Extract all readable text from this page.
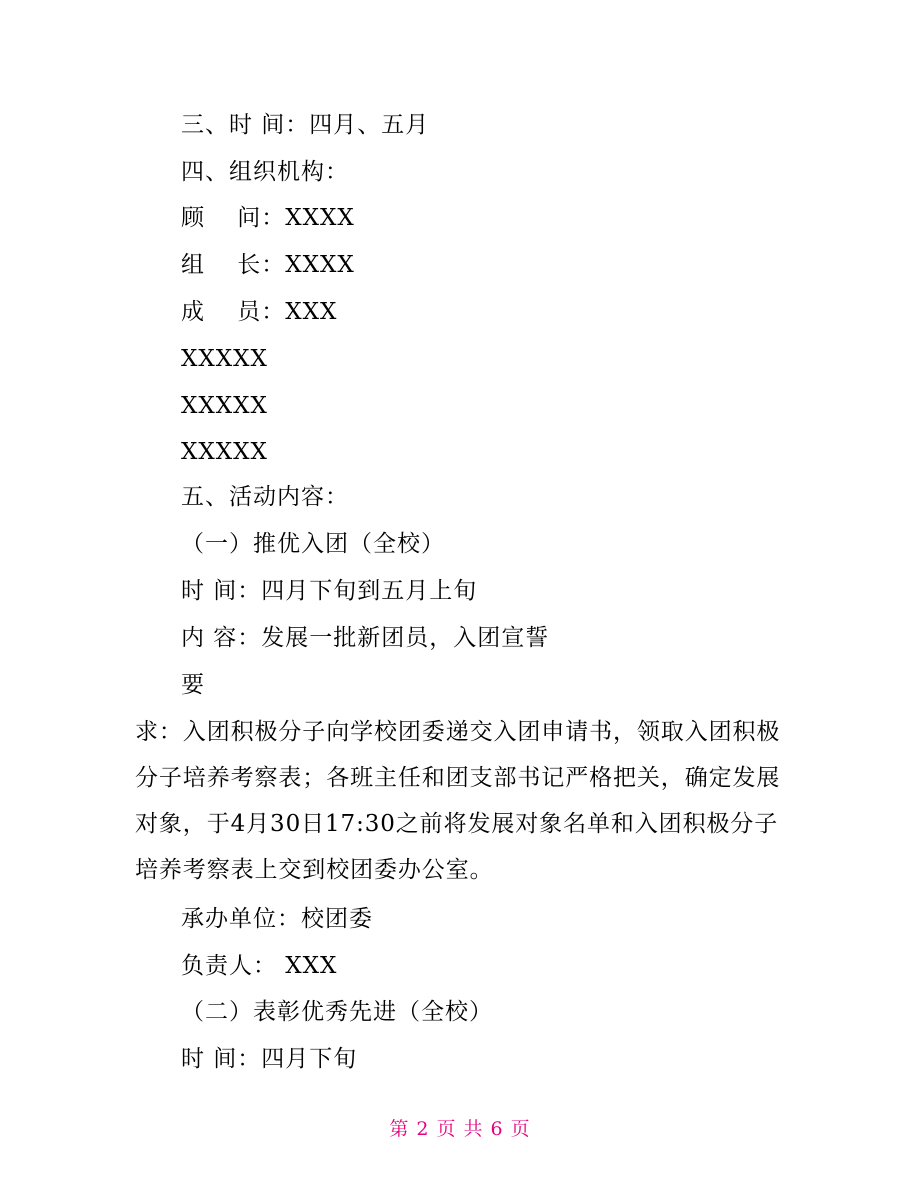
三、时 间：四月、五月
四、组织机构：
顾　 问：XXXX
组　 长：XXXX
成　 员：XXX
XXXXX
XXXXX
XXXXX
五、活动内容：
（一）推优入团（全校）
时 间：四月下旬到五月上旬
内 容：发展一批新团员，入团宣誓
要
求：入团积极分子向学校团委递交入团申请书，领取入团积极分子培养考察表；各班主任和团支部书记严格把关，确定发展对象，于4月30日17:30之前将发展对象名单和入团积极分子培养考察表上交到校团委办公室。
承办单位：校团委
负责人： XXX
（二）表彰优秀先进（全校）
时 间：四月下旬
第 2 页 共 6 页
